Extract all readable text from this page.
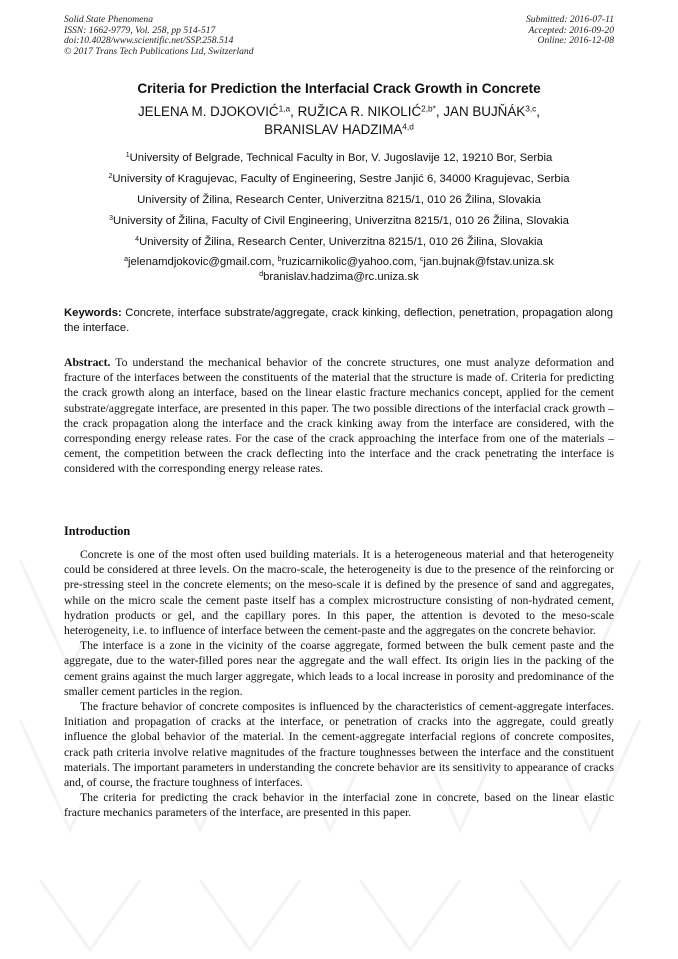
Solid State Phenomena
ISSN: 1662-9779, Vol. 258, pp 514-517
doi:10.4028/www.scientific.net/SSP.258.514
© 2017 Trans Tech Publications Ltd, Switzerland
Submitted: 2016-07-11
Accepted: 2016-09-20
Online: 2016-12-08
Criteria for Prediction the Interfacial Crack Growth in Concrete
JELENA M. DJOKOVIĆ$^{1,a}$, RUŽICA R. $NIKOLIĆ^{2,b*}$, JAN BUJŇÁK$^{3,c}$,
BRANISLAV HADZIMA$^{4,d}$
$^1$University of Belgrade, Technical Faculty in Bor, V. Jugoslavije 12, 19210 Bor, Serbia
$^2$University of Kragujevac, Faculty of Engineering, Sestre Janjić 6, 34000 Kragujevac, Serbia
University of Žilina, Research Center, Univerzitna 8215/1, 010 26 Žilina, Slovakia
$^3$University of Žilina, Faculty of Civil Engineering, Univerzitna 8215/1, 010 26 Žilina, Slovakia
$^4$University of Žilina, Research Center, Univerzitna 8215/1, 010 26 Žilina, Slovakia
$^a$jelenamdjokovic@gmail.com, $^b$ruzicarnikolic@yahoo.com, $^c$jan.bujnak@fstav.uniza.sk
$^d$branislav.hadzima@rc.uniza.sk

Keywords: Concrete, interface substrate/aggregate, crack kinking, deflection, penetration, propagation along the interface.

Abstract. To understand the mechanical behavior of the concrete structures, one must analyze deformation and fracture of the interfaces between the constituents of the material that the structure is made of. Criteria for predicting the crack growth along an interface, based on the linear elastic fracture mechanics concept, applied for the cement substrate/aggregate interface, are presented in this paper. The two possible directions of the interfacial crack growth – the crack propagation along the interface and the crack kinking away from the interface are considered, with the corresponding energy release rates. For the case of the crack approaching the interface from one of the materials – cement, the competition between the crack deflecting into the interface and the crack penetrating the interface is considered with the corresponding energy release rates.

Introduction

Concrete is one of the most often used building materials. It is a heterogeneous material and that heterogeneity could be considered at three levels. On the macro-scale, the heterogeneity is due to the presence of the reinforcing or pre-stressing steel in the concrete elements; on the meso-scale it is defined by the presence of sand and aggregates, while on the micro scale the cement paste itself has a complex microstructure consisting of non-hydrated cement, hydration products or gel, and the capillary pores. In this paper, the attention is devoted to the meso-scale heterogeneity, i.e. to influence of interface between the cement-paste and the aggregates on the concrete behavior.

The interface is a zone in the vicinity of the coarse aggregate, formed between the bulk cement paste and the aggregate, due to the water-filled pores near the aggregate and the wall effect. Its origin lies in the packing of the cement grains against the much larger aggregate, which leads to a local increase in porosity and predominance of the smaller cement particles in the region.

The fracture behavior of concrete composites is influenced by the characteristics of cement-aggregate interfaces. Initiation and propagation of cracks at the interface, or penetration of cracks into the aggregate, could greatly influence the global behavior of the material. In the cement-aggregate interfacial regions of concrete composites, crack path criteria involve relative magnitudes of the fracture toughnesses between the interface and the constituent materials. The important parameters in understanding the concrete behavior are its sensitivity to appearance of cracks and, of course, the fracture toughness of interfaces.

The criteria for predicting the crack behavior in the interfacial zone in concrete, based on the linear elastic fracture mechanics parameters of the interface, are presented in this paper.
